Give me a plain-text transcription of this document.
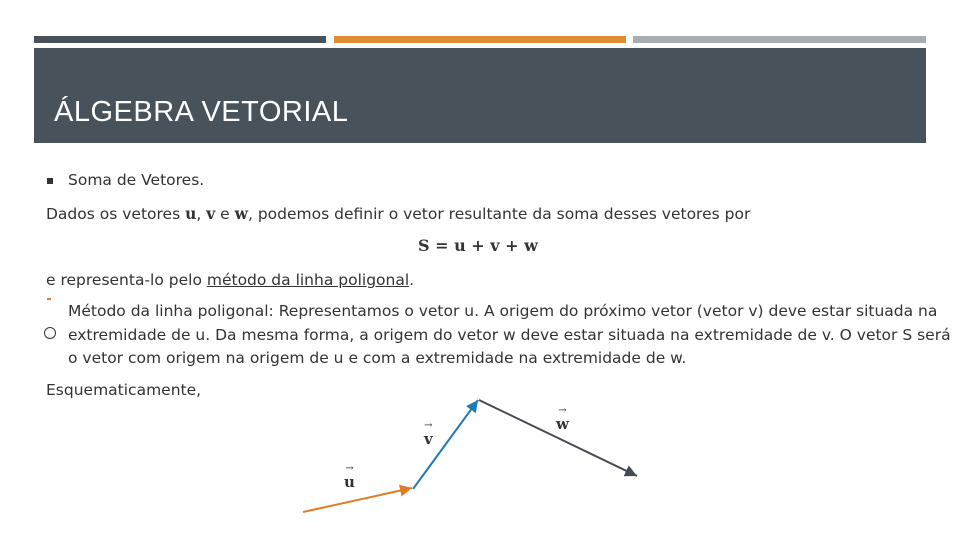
ÁLGEBRA VETORIAL
Soma de Vetores.
Dados os vetores u, v e w, podemos definir o vetor resultante da soma desses vetores por
S = u + v + w
e representa-lo pelo método da linha poligonal.
Método da linha poligonal: Representamos o vetor u. A origem do próximo vetor (vetor v) deve estar situada na
extremidade de u. Da mesma forma, a origem do vetor w deve estar situada na extremidade de v. O vetor S será
o vetor com origem na origem de u e com a extremidade na extremidade de w.
Esquematicamente,
→
u
→
v
→
w
